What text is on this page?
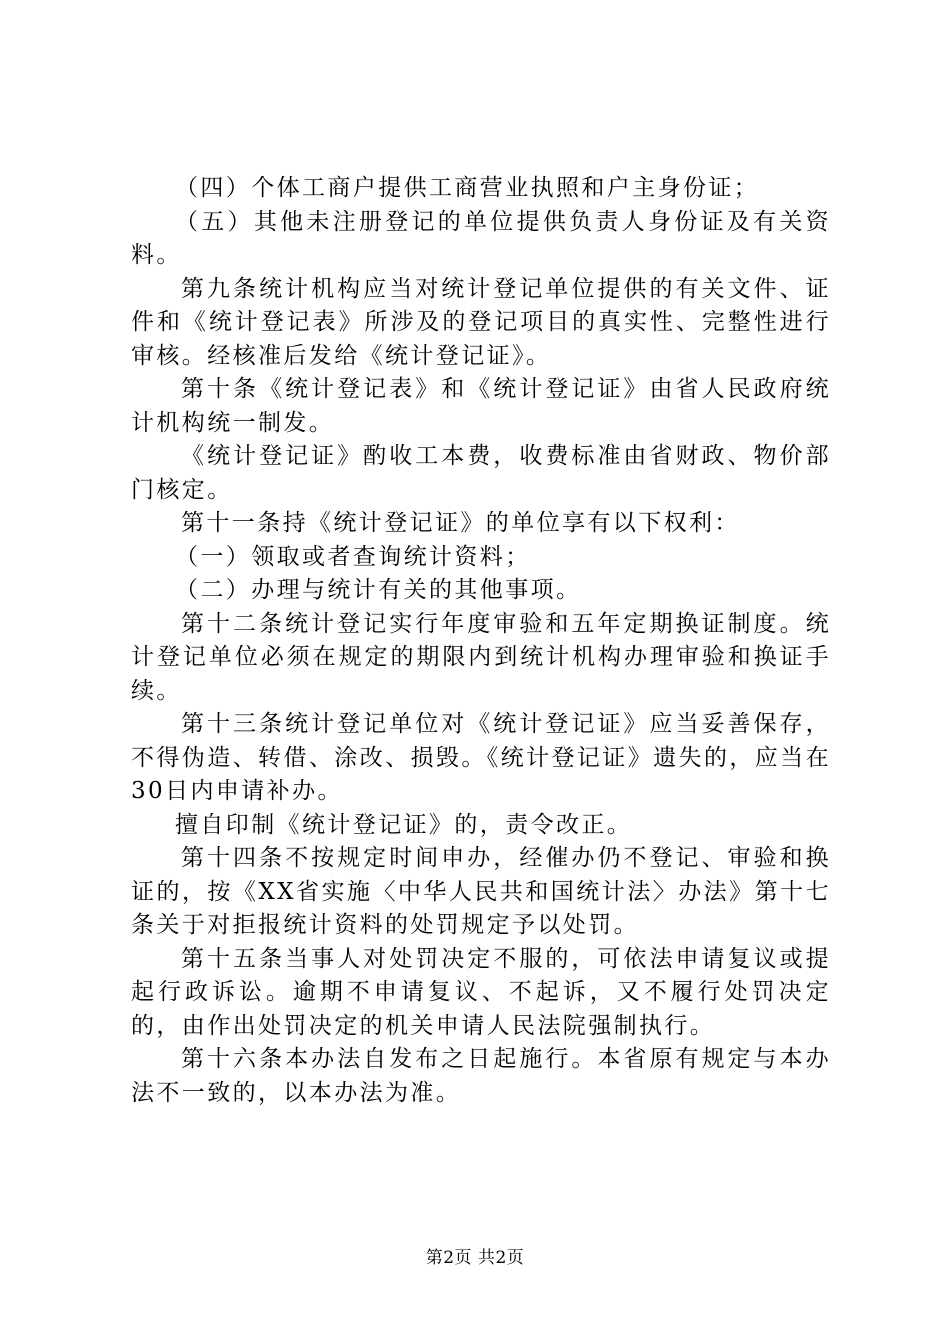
（四）个体工商户提供工商营业执照和户主身份证；

（五）其他未注册登记的单位提供负责人身份证及有关资料。

第九条统计机构应当对统计登记单位提供的有关文件、证件和《统计登记表》所涉及的登记项目的真实性、完整性进行审核。经核准后发给《统计登记证》。

第十条《统计登记表》和《统计登记证》由省人民政府统计机构统一制发。

《统计登记证》酌收工本费，收费标准由省财政、物价部门核定。

第十一条持《统计登记证》的单位享有以下权利：

（一）领取或者查询统计资料；

（二）办理与统计有关的其他事项。

第十二条统计登记实行年度审验和五年定期换证制度。统计登记单位必须在规定的期限内到统计机构办理审验和换证手续。

第十三条统计登记单位对《统计登记证》应当妥善保存，不得伪造、转借、涂改、损毁。《统计登记证》遗失的，应当在30日内申请补办。

擅自印制《统计登记证》的，责令改正。

第十四条不按规定时间申办，经催办仍不登记、审验和换证的，按《XX省实施〈中华人民共和国统计法〉办法》第十七条关于对拒报统计资料的处罚规定予以处罚。

第十五条当事人对处罚决定不服的，可依法申请复议或提起行政诉讼。逾期不申请复议、不起诉，又不履行处罚决定的，由作出处罚决定的机关申请人民法院强制执行。

第十六条本办法自发布之日起施行。本省原有规定与本办法不一致的，以本办法为准。

第2页 共2页
